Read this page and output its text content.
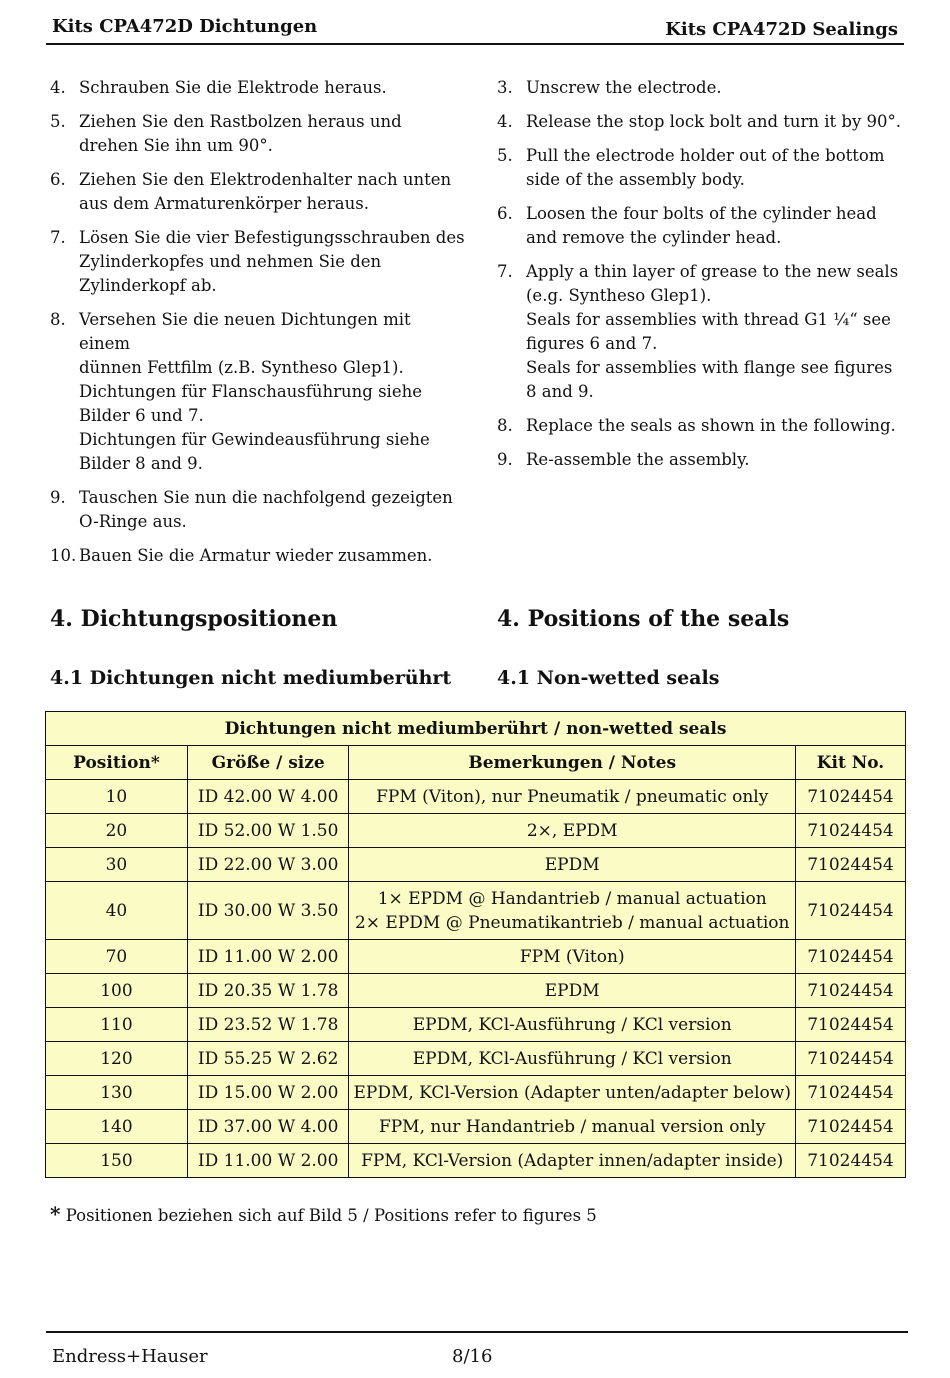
Kits CPA472D Dichtungen	Kits CPA472D Sealings
4. Schrauben Sie die Elektrode heraus.
5. Ziehen Sie den Rastbolzen heraus und
drehen Sie ihn um 90°.
6. Ziehen Sie den Elektrodenhalter nach unten
aus dem Armaturenkörper heraus.
7. Lösen Sie die vier Befestigungsschrauben des
Zylinderkopfes und nehmen Sie den
Zylinderkopf ab.
8. Versehen Sie die neuen Dichtungen mit einem
dünnen Fettfilm (z.B. Syntheso Glep1).
Dichtungen für Flanschausführung siehe
Bilder 6 und 7.
Dichtungen für Gewindeausführung siehe
Bilder 8 and 9.
9. Tauschen Sie nun die nachfolgend gezeigten
O-Ringe aus.
10. Bauen Sie die Armatur wieder zusammen.
3. Unscrew the electrode.
4. Release the stop lock bolt and turn it by 90°.
5. Pull the electrode holder out of the bottom
side of the assembly body.
6. Loosen the four bolts of the cylinder head
and remove the cylinder head.
7. Apply a thin layer of grease to the new seals
(e.g. Syntheso Glep1).
Seals for assemblies with thread G1 ¼“ see
figures 6 and 7.
Seals for assemblies with flange see figures
8 and 9.
8. Replace the seals as shown in the following.
9. Re-assemble the assembly.
4. Dichtungspositionen	4. Positions of the seals
4.1 Dichtungen nicht mediumberührt 4.1 Non-wetted seals
Dichtungen nicht mediumberührt / non-wetted seals			
Position*	Größe / size	Bemerkungen / Notes	Kit No.
10	ID 42.00 W 4.00	FPM (Viton), nur Pneumatik / pneumatic only	71024454
20	ID 52.00 W 1.50	2×, EPDM	71024454
30	ID 22.00 W 3.00	EPDM	71024454
40	ID 30.00 W 3.50	1× EPDM @ Handantrieb / manual actuation
2× EPDM @ Pneumatikantrieb / manual actuation	71024454
70	ID 11.00 W 2.00	FPM (Viton)	71024454
100	ID 20.35 W 1.78	EPDM	71024454
110	ID 23.52 W 1.78	EPDM, KCl-Ausführung / KCl version	71024454
120	ID 55.25 W 2.62	EPDM, KCl-Ausführung / KCl version	71024454
130	ID 15.00 W 2.00	EPDM, KCl-Version (Adapter unten/adapter below)	71024454
140	ID 37.00 W 4.00	FPM, nur Handantrieb / manual version only	71024454
150	ID 11.00 W 2.00	FPM, KCl-Version (Adapter innen/adapter inside)	71024454
* Positionen beziehen sich auf Bild 5 / Positions refer to figures 5
Endress+Hauser	8/16
